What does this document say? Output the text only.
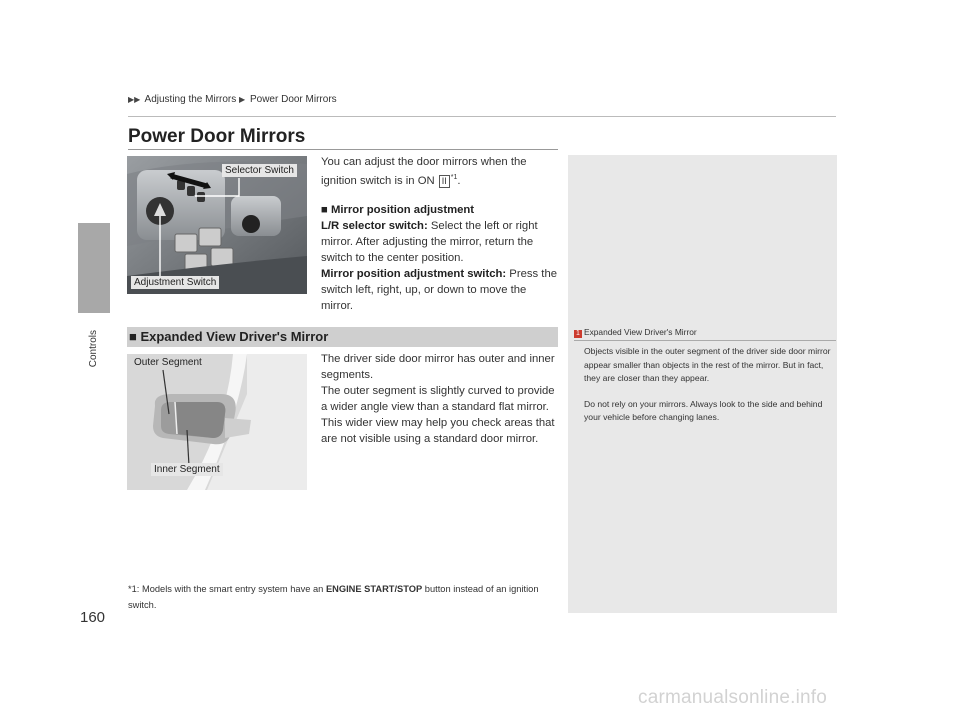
Controls
160
▶▶ Adjusting the Mirrors ▶ Power Door Mirrors
Power Door Mirrors
Selector Switch
Adjustment Switch
You can adjust the door mirrors when the ignition switch is in ON II $^{*1}$.
■ Mirror position adjustment
L/R selector switch: Select the left or right mirror. After adjusting the mirror, return the switch to the center position.
Mirror position adjustment switch: Press the switch left, right, up, or down to move the mirror.
■ Expanded View Driver's Mirror
Outer Segment
Inner Segment
The driver side door mirror has outer and inner segments.
The outer segment is slightly curved to provide a wider angle view than a standard flat mirror. This wider view may help you check areas that are not visible using a standard door mirror.
*1: Models with the smart entry system have an ENGINE START/STOP button instead of an ignition switch.
1 Expanded View Driver's Mirror

Objects visible in the outer segment of the driver side door mirror appear smaller than objects in the rest of the mirror. But in fact, they are closer than they appear.

Do not rely on your mirrors. Always look to the side and behind your vehicle before changing lanes.

carmanualsonline.info
